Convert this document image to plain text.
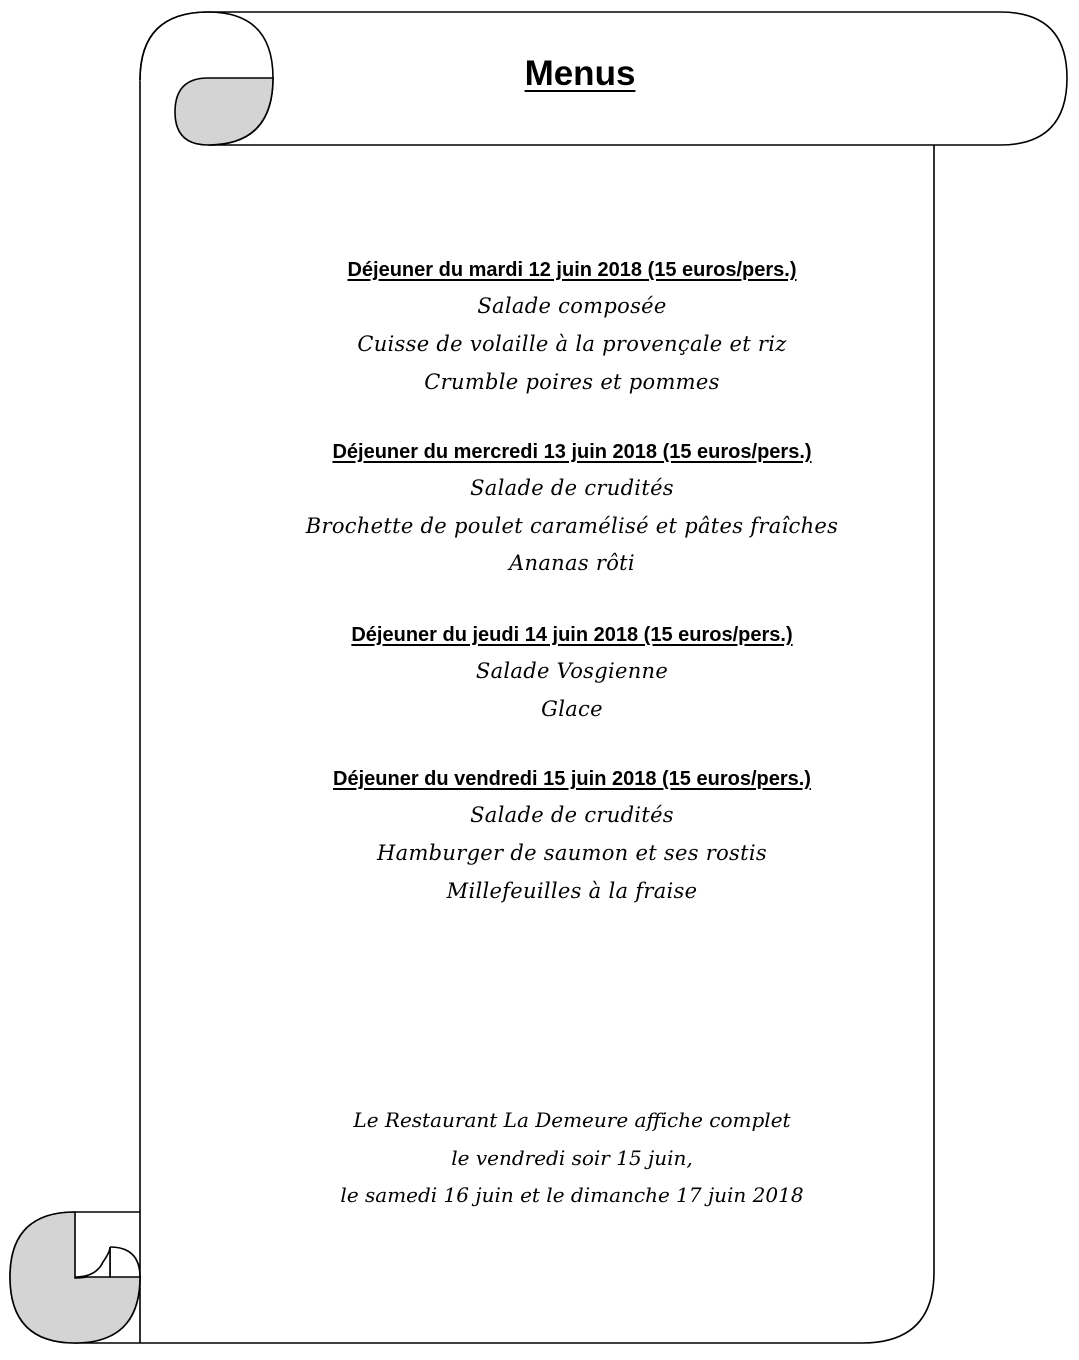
Menus
Déjeuner du mardi 12 juin 2018 (15 euros/pers.)
Salade composée
Cuisse de volaille à la provençale et riz
Crumble poires et pommes
Déjeuner du mercredi 13 juin 2018 (15 euros/pers.)
Salade de crudités
Brochette de poulet caramélisé et pâtes fraîches
Ananas rôti
Déjeuner du jeudi 14 juin 2018 (15 euros/pers.)
Salade Vosgienne
Glace
Déjeuner du vendredi 15 juin 2018 (15 euros/pers.)
Salade de crudités
Hamburger de saumon et ses rostis
Millefeuilles à la fraise
Le Restaurant La Demeure affiche complet
le vendredi soir 15 juin,
le samedi 16 juin et le dimanche 17 juin 2018
